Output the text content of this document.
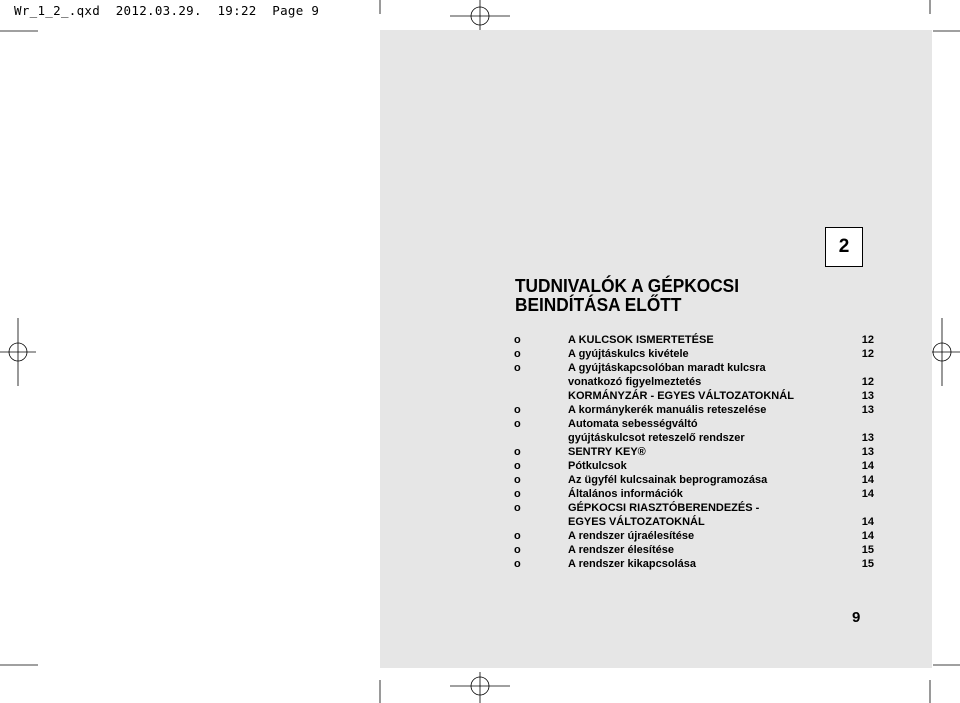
Wr_1_2_.qxd  2012.03.29.  19:22  Page 9
2
TUDNIVALÓK A GÉPKOCSI
BEINDÍTÁSA ELŐTT
o	A KULCSOK ISMERTETÉSE	12
o	A gyújtáskulcs kivétele	12
o	A gyújtáskapcsolóban maradt kulcsra
vonatkozó figyelmeztetés	12
KORMÁNYZÁR - EGYES VÁLTOZATOKNÁL	13
o	A kormánykerék manuális reteszelése	13
o	Automata sebességváltó
gyújtáskulcsot reteszelő rendszer	13
o	SENTRY KEY®	13
o	Pótkulcsok	14
o	Az ügyfél kulcsainak beprogramozása	14
o	Általános információk	14
o	GÉPKOCSI RIASZTÓBERENDEZÉS -
EGYES VÁLTOZATOKNÁL	14
o	A rendszer újraélesítése	14
o	A rendszer élesítése	15
o	A rendszer kikapcsolása	15
9
